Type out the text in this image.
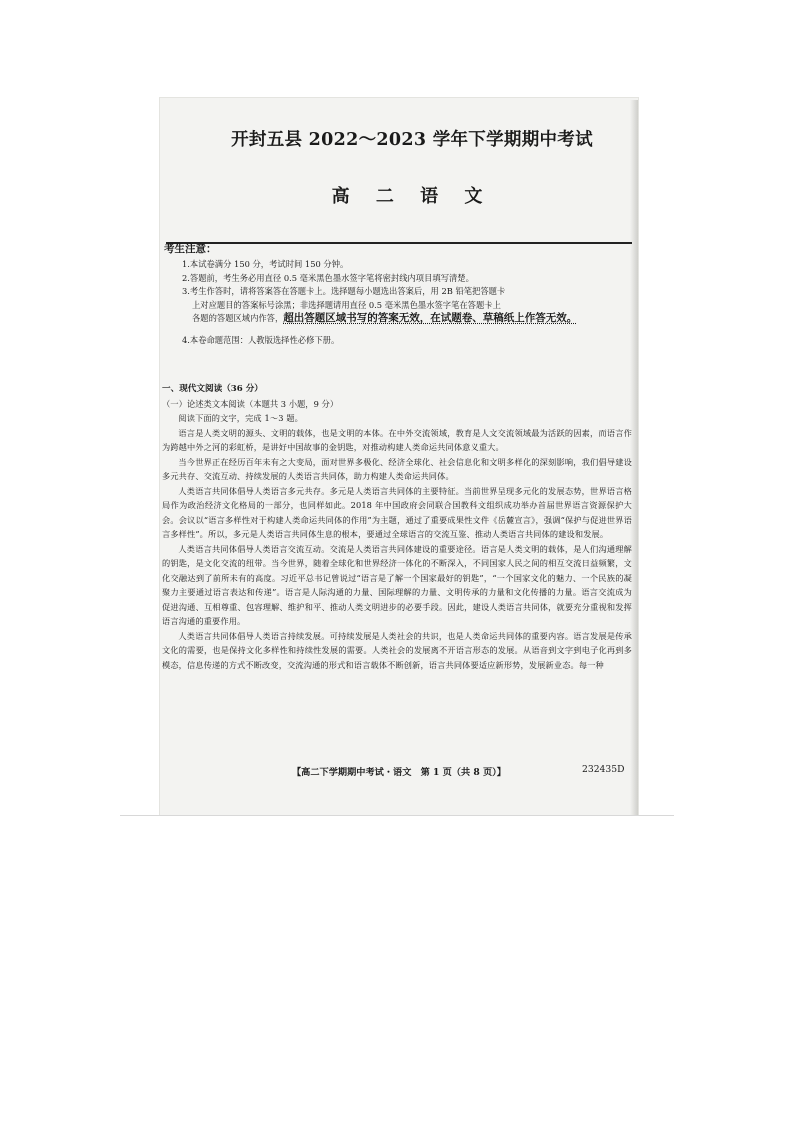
开封五县 2022～2023 学年下学期期中考试
高 二 语 文
考生注意：

1.本试卷满分 150 分，考试时间 150 分钟。

2.答题前，考生务必用直径 0.5 毫米黑色墨水签字笔将密封线内项目填写清楚。

3.考生作答时，请将答案答在答题卡上。选择题每小题选出答案后，用 2B 铅笔把答题卡

上对应题目的答案标号涂黑；非选择题请用直径 0.5 毫米黑色墨水签字笔在答题卡上

各题的答题区域内作答，超出答题区域书写的答案无效，在试题卷、草稿纸上作答无效。

4.本卷命题范围：人教版选择性必修下册。

一、现代文阅读（36 分）
（一）论述类文本阅读（本题共 3 小题，9 分）

阅读下面的文字，完成 1～3 题。

语言是人类文明的源头、文明的载体，也是文明的本体。在中外交流领域，教育是人文交流领域最为活跃的因素，而语言作为跨越中外之河的彩虹桥，是讲好中国故事的金钥匙，对推动构建人类命运共同体意义重大。

当今世界正在经历百年未有之大变局，面对世界多极化、经济全球化、社会信息化和文明多样化的深刻影响，我们倡导建设多元共存、交流互动、持续发展的人类语言共同体，助力构建人类命运共同体。

人类语言共同体倡导人类语言多元共存。多元是人类语言共同体的主要特征。当前世界呈现多元化的发展态势，世界语言格局作为政治经济文化格局的一部分，也同样如此。2018 年中国政府会同联合国教科文组织成功举办首届世界语言资源保护大会。会议以“语言多样性对于构建人类命运共同体的作用”为主题，通过了重要成果性文件《岳麓宣言》，强调“保护与促进世界语言多样性”。所以，多元是人类语言共同体生息的根本，要通过全球语言的交流互鉴、推动人类语言共同体的建设和发展。

人类语言共同体倡导人类语言交流互动。交流是人类语言共同体建设的重要途径。语言是人类文明的载体，是人们沟通理解的钥匙，是文化交流的纽带。当今世界，随着全球化和世界经济一体化的不断深入，不同国家人民之间的相互交流日益频繁，文化交融达到了前所未有的高度。习近平总书记曾说过“语言是了解一个国家最好的钥匙”，“一个国家文化的魅力、一个民族的凝聚力主要通过语言表达和传递”。语言是人际沟通的力量、国际理解的力量、文明传承的力量和文化传播的力量。语言交流成为促进沟通、互相尊重、包容理解、维护和平、推动人类文明进步的必要手段。因此，建设人类语言共同体，就要充分重视和发挥语言沟通的重要作用。

人类语言共同体倡导人类语言持续发展。可持续发展是人类社会的共识，也是人类命运共同体的重要内容。语言发展是传承文化的需要，也是保持文化多样性和持续性发展的需要。人类社会的发展离不开语言形态的发展。从语音到文字到电子化再到多模态，信息传递的方式不断改变，交流沟通的形式和语言载体不断创新，语言共同体要适应新形势，发展新业态。每一种

【高二下学期期中考试・语文　第 1 页（共 8 页）】	232435D
